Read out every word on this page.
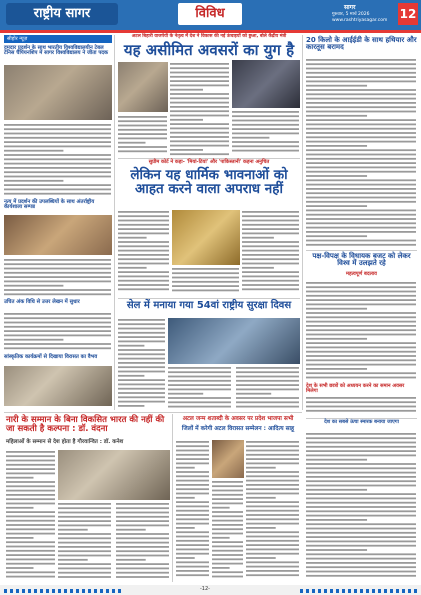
राष्ट्रीय सागर	विविध	सागर
गुरुवार, 5 मार्च 2026
www.rashtriyasagar.com 12
सीहोर न्यूज़
दमदार प्रदर्शन के साथ भारतीय विश्वविद्यालयीन टेबल टेनिस चैंपियनशिप में सागर विश्वविद्यालय ने जीता पदक
नृत्य में प्रदर्शन की उपलब्धियों के साथ अंतर्राष्ट्रीय कार्यशाला सम्पन्न
उचित अंक विधि से उत्तर लेखन में सुधार
सांस्कृतिक कार्यक्रमों से दिखाया विरासत का वैभव
अटल बिहारी वाजपेयी के नेतृत्व में देश ने विकास की नई ऊंचाइयों को छुआ, बोले केंद्रीय मंत्री
यह असीमित अवसरों का युग है
सुप्रीम कोर्ट ने कहा- 'मियां-टियां' और 'पाकिस्तानी' कहना अनुचित
लेकिन यह धार्मिक भावनाओं को आहत करने वाला अपराध नहीं
सेल में मनाया गया 54वां राष्ट्रीय सुरक्षा दिवस
20 किलो के आईईडी के साथ हथियार और कारतूस बरामद
पक्ष-विपक्ष के विधायक बजट को लेकर विश्व में उलझते रहे
महत्वपूर्ण बदलाव
देश के सभी छात्रों को अध्ययन करने का समान अवसर मिलेगा
देश का सबसे ऊंचा स्मारक बनाया जाएगा
नारी के सम्मान के बिना विकसित भारत की नहीं की जा सकती है कल्पना : डॉ. वंदना
महिलाओं के सम्मान से देश होता है गौरवान्वित : डॉ. कनेश
अटल जन्म शताब्दी के अवसर पर प्रदेश भाजपा सभी
जिलों में करेगी अटल विरासत सम्मेलन : आदित्य साहू
-12-
